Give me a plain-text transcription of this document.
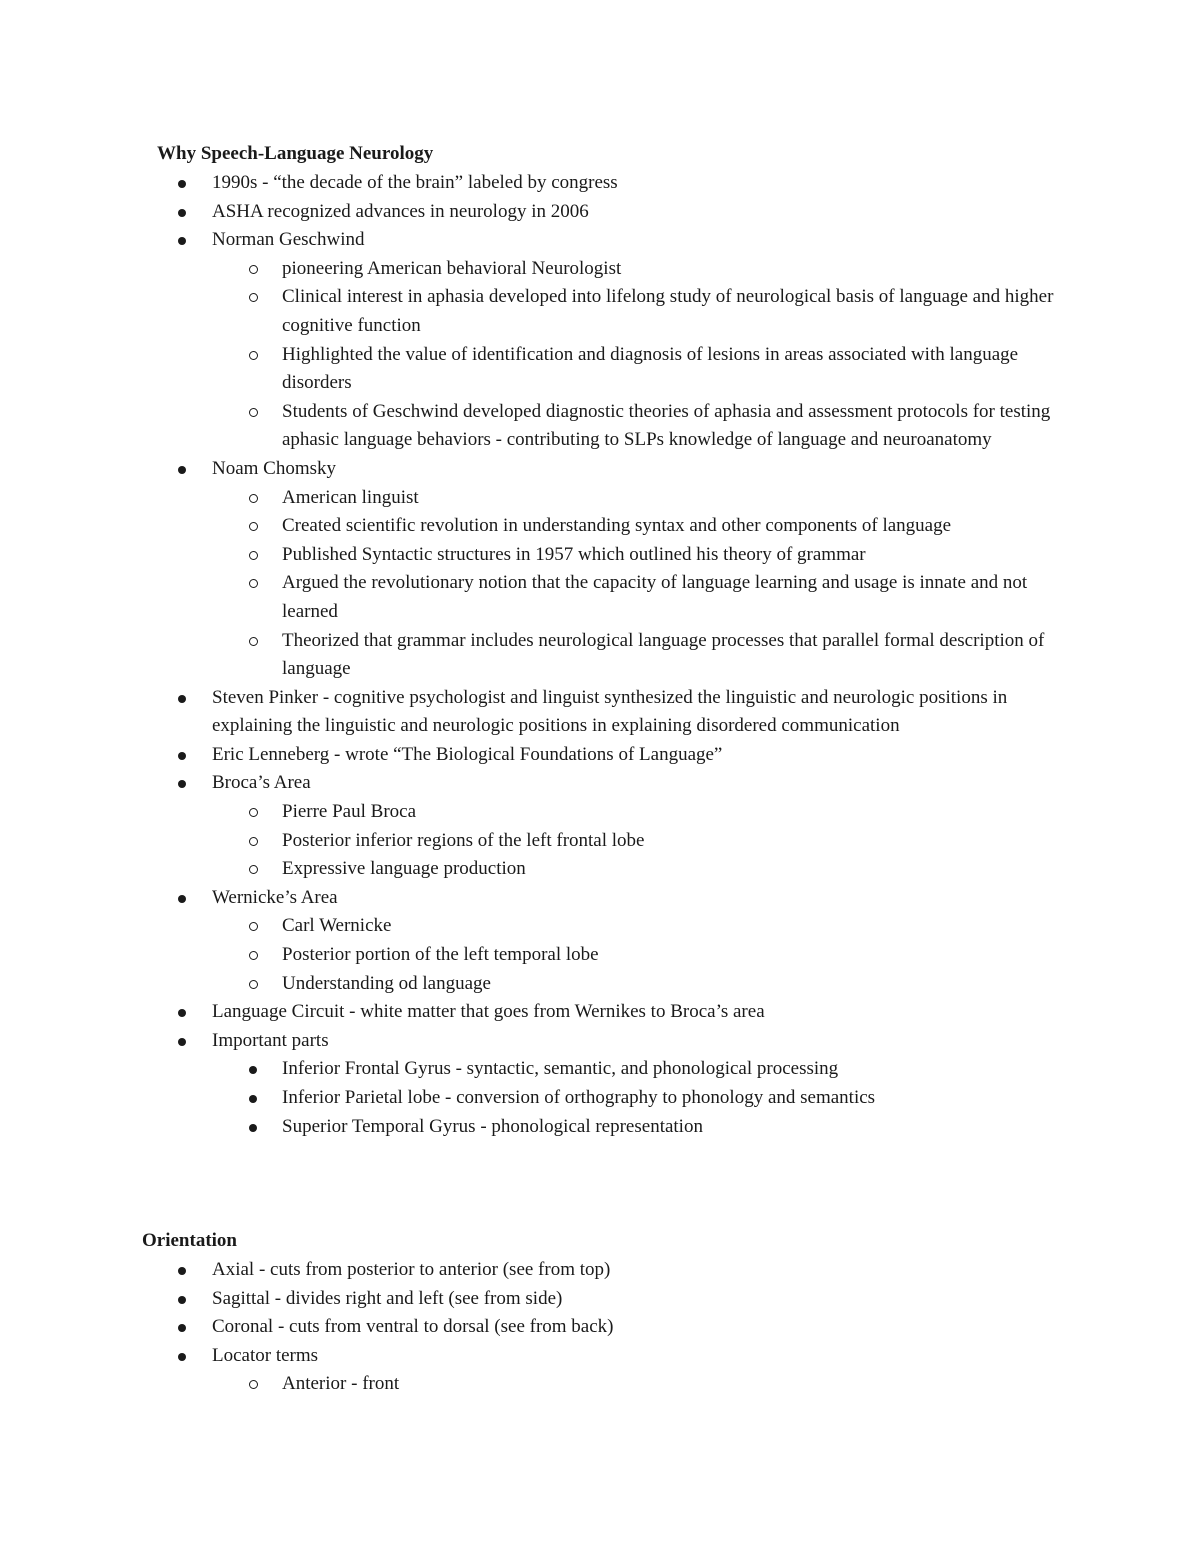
Why Speech-Language Neurology
1990s - “the decade of the brain” labeled by congress
ASHA recognized advances in neurology in 2006
Norman Geschwind
pioneering American behavioral Neurologist
Clinical interest in aphasia developed into lifelong study of neurological basis of language and higher cognitive function
Highlighted the value of identification and diagnosis of lesions in areas associated with language disorders
Students of Geschwind developed diagnostic theories of aphasia and assessment protocols for testing aphasic language behaviors - contributing to SLPs knowledge of language and neuroanatomy
Noam Chomsky
American linguist
Created scientific revolution in understanding syntax and other components of language
Published Syntactic structures in 1957 which outlined his theory of grammar
Argued the revolutionary notion that the capacity of language learning and usage is innate and not learned
Theorized that grammar includes neurological language processes that parallel formal description of language
Steven Pinker - cognitive psychologist and linguist synthesized the linguistic and neurologic positions in explaining the linguistic and neurologic positions in explaining disordered communication
Eric Lenneberg - wrote “The Biological Foundations of Language”
Broca’s Area
Pierre Paul Broca
Posterior inferior regions of the left frontal lobe
Expressive language production
Wernicke’s Area
Carl Wernicke
Posterior portion of the left temporal lobe
Understanding od language
Language Circuit - white matter that goes from Wernikes to Broca’s area
Important parts
Inferior Frontal Gyrus - syntactic, semantic, and phonological processing
Inferior Parietal lobe - conversion of orthography to phonology and semantics
Superior Temporal Gyrus - phonological representation
Orientation
Axial - cuts from posterior to anterior (see from top)
Sagittal - divides right and left (see from side)
Coronal - cuts from ventral to dorsal (see from back)
Locator terms
Anterior - front
